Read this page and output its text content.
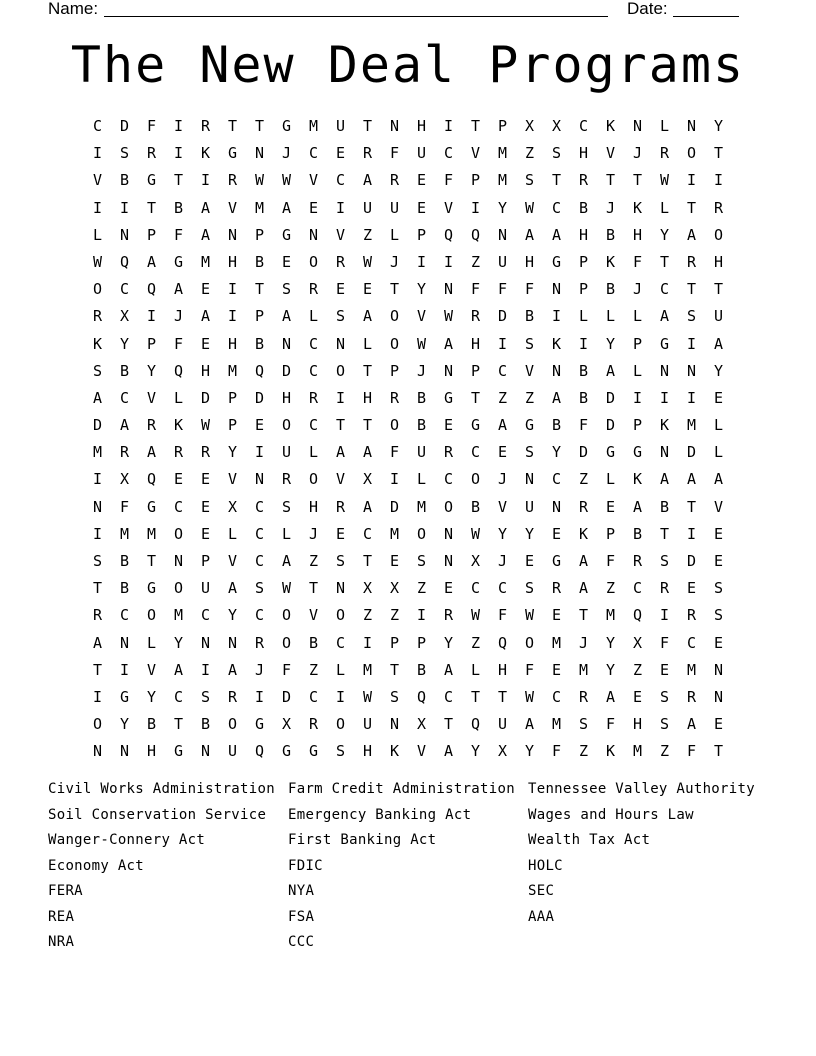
Name:	Date:
The New Deal Programs
C	D	F	I	R	T	T	G	M	U	T	N	H	I	T	P	X	X	C	K	N	L	N	Y
I	S	R	I	K	G	N	J	C	E	R	F	U	C	V	M	Z	S	H	V	J	R	O	T
V	B	G	T	I	R	W	W	V	C	A	R	E	F	P	M	S	T	R	T	T	W	I	I
I	I	T	B	A	V	M	A	E	I	U	U	E	V	I	Y	W	C	B	J	K	L	T	R
L	N	P	F	A	N	P	G	N	V	Z	L	P	Q	Q	N	A	A	H	B	H	Y	A	O
W	Q	A	G	M	H	B	E	O	R	W	J	I	I	Z	U	H	G	P	K	F	T	R	H
O	C	Q	A	E	I	T	S	R	E	E	T	Y	N	F	F	F	N	P	B	J	C	T	T
R	X	I	J	A	I	P	A	L	S	A	O	V	W	R	D	B	I	L	L	L	A	S	U
K	Y	P	F	E	H	B	N	C	N	L	O	W	A	H	I	S	K	I	Y	P	G	I	A
S	B	Y	Q	H	M	Q	D	C	O	T	P	J	N	P	C	V	N	B	A	L	N	N	Y
A	C	V	L	D	P	D	H	R	I	H	R	B	G	T	Z	Z	A	B	D	I	I	I	E
D	A	R	K	W	P	E	O	C	T	T	O	B	E	G	A	G	B	F	D	P	K	M	L
M	R	A	R	R	Y	I	U	L	A	A	F	U	R	C	E	S	Y	D	G	G	N	D	L
I	X	Q	E	E	V	N	R	O	V	X	I	L	C	O	J	N	C	Z	L	K	A	A	A
N	F	G	C	E	X	C	S	H	R	A	D	M	O	B	V	U	N	R	E	A	B	T	V
I	M	M	O	E	L	C	L	J	E	C	M	O	N	W	Y	Y	E	K	P	B	T	I	E
S	B	T	N	P	V	C	A	Z	S	T	E	S	N	X	J	E	G	A	F	R	S	D	E
T	B	G	O	U	A	S	W	T	N	X	X	Z	E	C	C	S	R	A	Z	C	R	E	S
R	C	O	M	C	Y	C	O	V	O	Z	Z	I	R	W	F	W	E	T	M	Q	I	R	S
A	N	L	Y	N	N	R	O	B	C	I	P	P	Y	Z	Q	O	M	J	Y	X	F	C	E
T	I	V	A	I	A	J	F	Z	L	M	T	B	A	L	H	F	E	M	Y	Z	E	M	N
I	G	Y	C	S	R	I	D	C	I	W	S	Q	C	T	T	W	C	R	A	E	S	R	N
O	Y	B	T	B	O	G	X	R	O	U	N	X	T	Q	U	A	M	S	F	H	S	A	E
N	N	H	G	N	U	Q	G	G	S	H	K	V	A	Y	X	Y	F	Z	K	M	Z	F	T
Civil Works Administration
Soil Conservation Service
Wanger-Connery Act
Economy Act
FERA
REA
NRA
Farm Credit Administration
Emergency Banking Act
First Banking Act
FDIC
NYA
FSA
CCC
Tennessee Valley Authority
Wages and Hours Law
Wealth Tax Act
HOLC
SEC
AAA
